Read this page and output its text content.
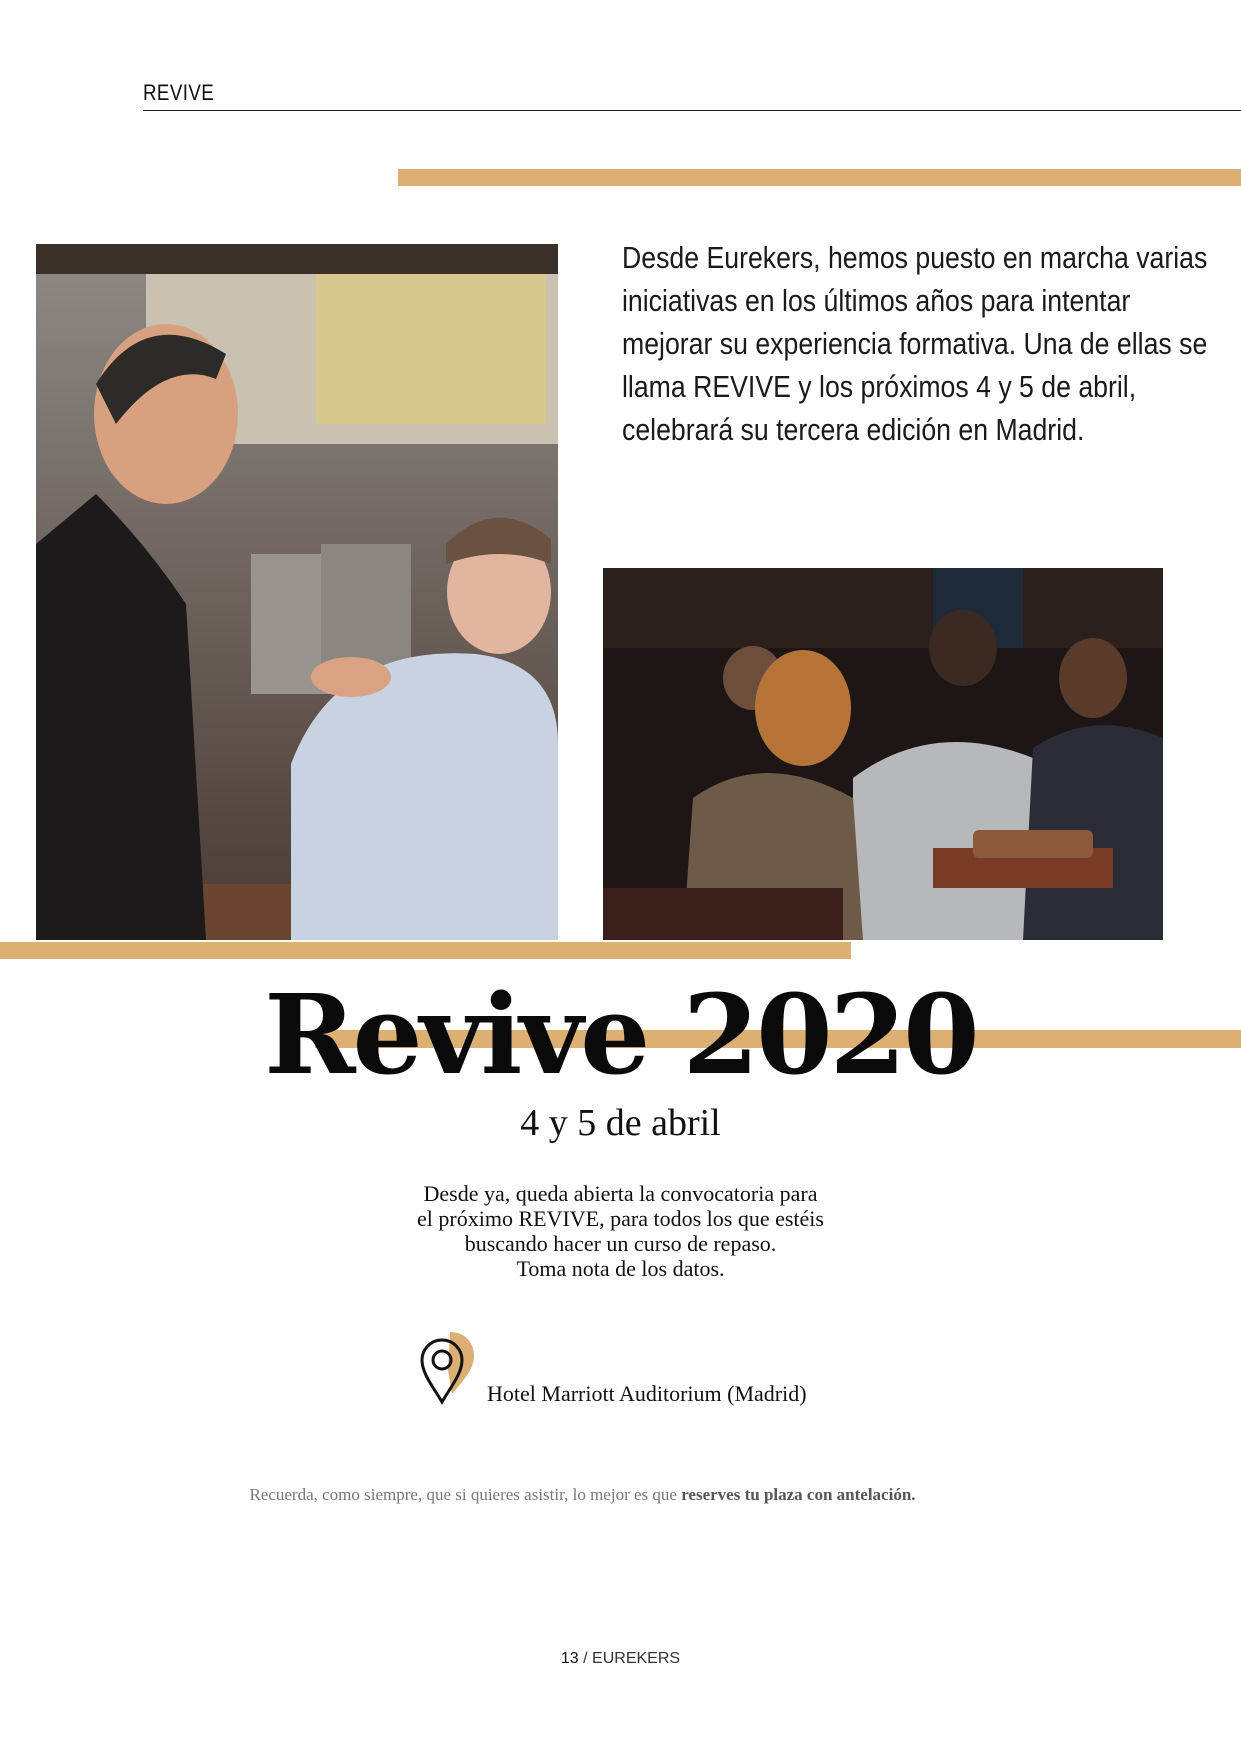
REVIVE
Desde Eurekers, hemos puesto en marcha varias iniciativas en los últimos años para intentar mejorar su experiencia formativa. Una de ellas se llama REVIVE y los próximos 4 y 5 de abril, celebrará su tercera edición en Madrid.
Revive 2020
4 y 5 de abril
Desde ya, queda abierta la convocatoria para
el próximo REVIVE, para todos los que estéis
buscando hacer un curso de repaso.
Toma nota de los datos.
Hotel Marriott Auditorium (Madrid)
Recuerda, como siempre, que si quieres asistir, lo mejor es que reserves tu plaza con antelación.
13 / EUREKERS
